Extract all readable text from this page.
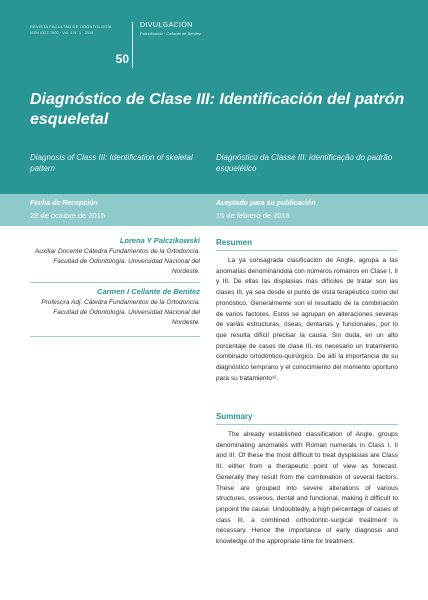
REVISTA FACULTAD DE ODONTOLOGÍA
ISSN 0327-7000 · Vol. 4 N° 1 · 2016
50
DIVULGACIÓN
Palczikowski · Cellante de Benitez
Diagnóstico de Clase III: Identificación del patrón esqueletal
Diagnosis of Class III: Identification of skeletal pattern
Diagnóstico da Classe III: Identificação do padrão esquelético
Fecha de Recepción
28 de octubre de 2015
Aceptado para su publicación
15 de febrero de 2016
Lorena Y Palczikowski
Auxiliar Docente Cátedra Fundamentos de la Ortodoncia. Facultad de Odontología. Universidad Nacional del Nordeste.
Carmen I Cellante de Benitez
Profesora Adj. Cátedra Fundamentos de la Ortodoncia. Facultad de Odontología. Universidad Nacional del Nordeste.
Resumen
La ya consagrada clasificación de Angle, agrupa a las anomalías denominándola con números romanos en Clase I, II y III. De ellas las displasias más difíciles de tratar son las clases III, ya sea desde el punto de vista terapéutico como del pronóstico. Generalmente son el resultado de la combinación de varios factores. Estos se agrupan en alteraciones severas de varias estructuras, óseas, dentarias y funcionales, por lo que resulta difícil precisar la causa. Sin duda, en un alto porcentaje de casos de clase III, es necesario un tratamiento combinado ortodóntico-quirúrgico. De allí la importancia de su diagnóstico temprano y el conocimiento del momento oportuno para su tratamiento¹².
Summary
The already established classification of Angle, groups denominating anomalies with Roman numerals in Class I, II and III. Of these the most difficult to treat dysplasias are Class III, either from a therapeutic point of view as forecast. Generally they result from the combination of several factors. These are grouped into severe alterations of various structures, osseous, dental and functional, making it difficult to pinpoint the cause. Undoubtedly, a high percentage of cases of class III, a combined orthodontic-surgical treatment is necessary. Hence the importance of early diagnosis and knowledge of the appropriate time for treatment.
